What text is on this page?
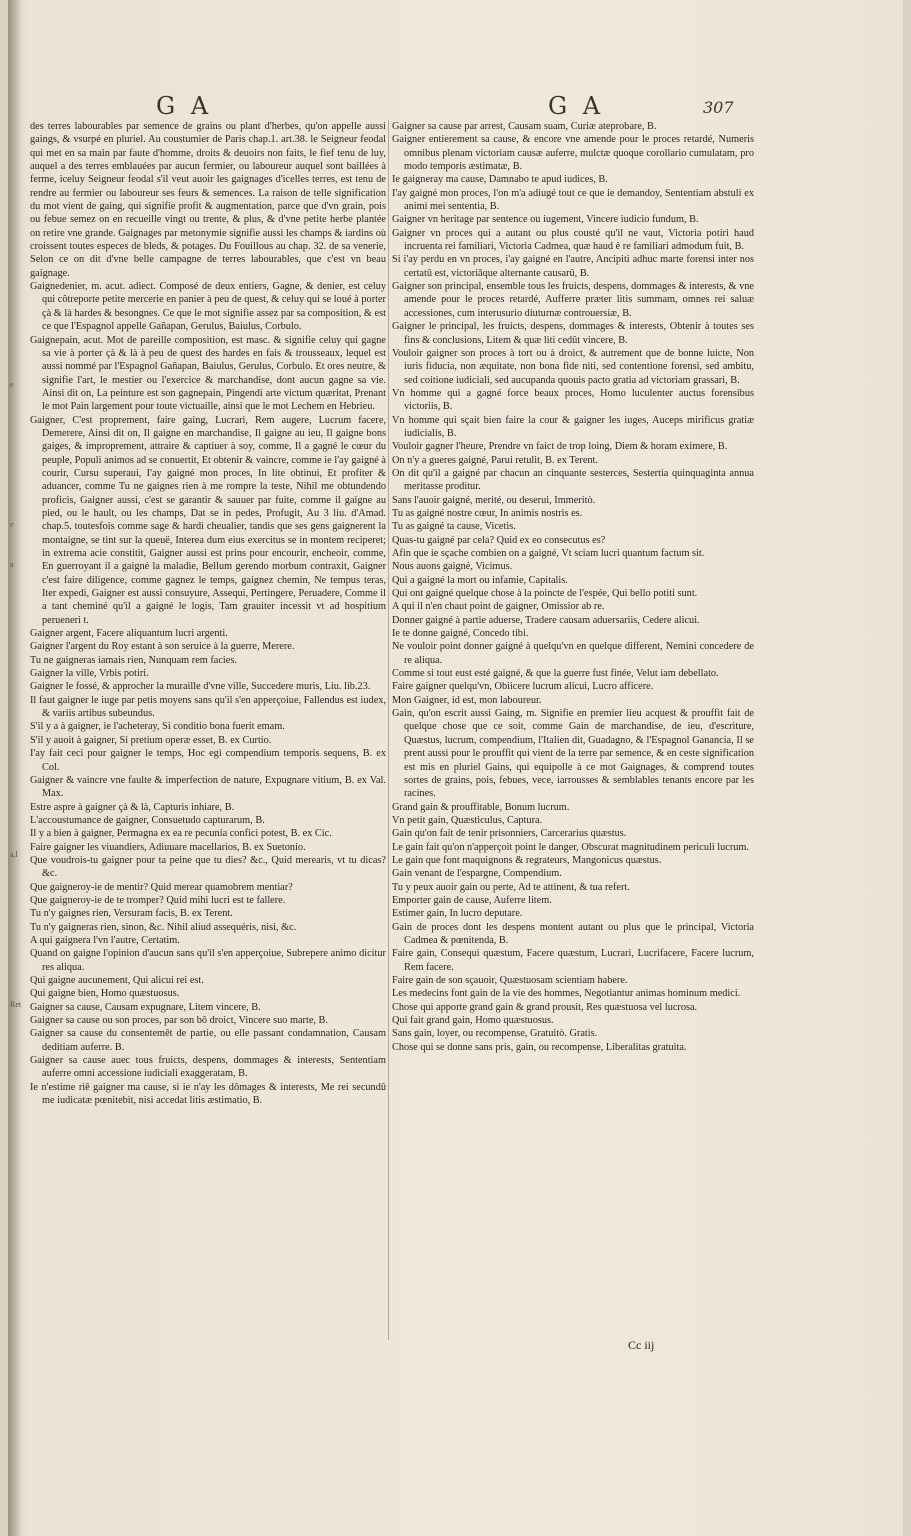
e
e
a
a,l
Ret
G A	G A	307

des terres labourables par semence de grains ou plant d'herbes, qu'on appelle aussi gaings, & vsurpé en pluriel. Au coustumier de Paris chap.1. art.38. le Seigneur feodal qui met en sa main par faute d'homme, droits & deuoirs non faits, le fief tenu de luy, auquel a des terres emblauées par aucun fermier, ou laboureur auquel sont baillées à ferme, iceluy Seigneur feodal s'il veut auoir les gaignages d'icelles terres, est tenu de rendre au fermier ou laboureur ses feurs & semences. La raison de telle signification du mot vient de gaing, qui signifie profit & augmentation, parce que d'vn grain, pois ou febue semez on en recueille vingt ou trente, & plus, & d'vne petite herbe plantée on retire vne grande. Gaignages par metonymie signifie aussi les champs & iardins où croissent toutes especes de bleds, & potages. Du Fouillous au chap. 32. de sa venerie, Selon ce on dit d'vne belle campagne de terres labourables, que c'est vn beau gaignage.

Gaignedenier, m. acut. adiect. Composé de deux entiers, Gagne, & denier, est celuy qui côtreporte petite mercerie en panier à peu de quest, & celuy qui se loué à porter çà & là hardes & besongnes. Ce que le mot signifie assez par sa composition, & est ce que l'Espagnol appelle Gañapan, Gerulus, Baiulus, Corbulo.

Gaignepain, acut. Mot de pareille composition, est masc. & signifie celuy qui gagne sa vie à porter çà & là à peu de quest des hardes en fais & trousseaux, lequel est aussi nommé par l'Espagnol Gañapan, Baiulus, Gerulus, Corbulo. Et ores neutre, & signifie l'art, le mestier ou l'exercice & marchandise, dont aucun gagne sa vie. Ainsi dit on, La peinture est son gagnepain, Pingendi arte victum quæritat, Prenant le mot Pain largement pour toute victuaille, ainsi que le mot Lechem en Hebrieu.

Gaigner, C'est proprement, faire gaing, Lucrari, Rem augere, Lucrum facere, Demerere, Ainsi dit on, Il gaigne en marchandise, Il gaigne au ieu, Il gaigne bons gaiges, & improprement, attraire & captiuer à soy, comme, Il a gagné le cœur du peuple, Populi animos ad se conuertit, Et obtenir & vaincre, comme ie l'ay gaigné à courir, Cursu superaui, I'ay gaigné mon proces, In lite obtinui, Et profiter & aduancer, comme Tu ne gaignes rien à me rompre la teste, Nihil me obtundendo proficis, Gaigner aussi, c'est se garantir & sauuer par fuite, comme il gaigne au pied, ou le hault, ou les champs, Dat se in pedes, Profugit, Au 3 liu. d'Amad. chap.5. toutesfois comme sage & hardi cheualier, tandis que ses gens gaignerent la montaigne, se tint sur la queuë, Interea dum eius exercitus se in montem reciperet; in extrema acie constitit, Gaigner aussi est prins pour encourir, encheoir, comme, En guerroyant il a gaigné la maladie, Bellum gerendo morbum contraxit, Gaigner c'est faire diligence, comme gagnez le temps, gaignez chemin, Ne tempus teras, Iter expedi, Gaigner est aussi consuyure, Assequi, Pertingere, Peruadere, Comme il a tant cheminé qu'il a gaigné le logis, Tam grauiter incessit vt ad hospitium perueneri t.

Gaigner argent, Facere aliquantum lucri argenti.

Gaigner l'argent du Roy estant à son seruice à la guerre, Merere.

Tu ne gaigneras iamais rien, Nunquam rem facies.

Gaigner la ville, Vrbis potiri.

Gaigner le fossé, & approcher la muraille d'vne ville, Succedere muris, Liu. lib.23.

Il faut gaigner le iuge par petis moyens sans qu'il s'en apperçoiue, Fallendus est iudex, & variis artibus subeundus.

S'il y a à gaigner, ie l'acheteray, Si conditio bona fuerit emam.

S'il y auoit à gaigner, Si pretium operæ esset, B. ex Curtio.

I'ay fait ceci pour gaigner le temps, Hoc egi compendium temporis sequens, B. ex Col.

Gaigner & vaincre vne faulte & imperfection de nature, Expugnare vitium, B. ex Val. Max.

Estre aspre à gaigner çà & là, Capturis inhiare, B.

L'accoustumance de gaigner, Consuetudo capturarum, B.

Il y a bien à gaigner, Permagna ex ea re pecunia confici potest, B. ex Cic.

Faire gaigner les viuandiers, Adiuuare macellarios, B. ex Suetonio.

Que voudrois-tu gaigner pour ta peine que tu dies? &c., Quid merearis, vt tu dicas? &c.

Que gaigneroy-ie de mentir? Quid merear quamobrem mentiar?

Que gaigneroy-ie de te tromper? Quid mihi lucri est te fallere.

Tu n'y gaignes rien, Versuram facis, B. ex Terent.

Tu n'y gaigneras rien, sinon, &c. Nihil aliud assequéris, nisi, &c.

A qui gaignera l'vn l'autre, Certatim.

Quand on gaigne l'opinion d'aucun sans qu'il s'en apperçoiue, Subrepere animo dicitur res aliqua.

Qui gaigne aucunement, Qui alicui rei est.

Qui gaigne bien, Homo quæstuosus.

Gaigner sa cause, Causam expugnare, Litem vincere, B.

Gaigner sa cause ou son proces, par son bô droict, Vincere suo marte, B.

Gaigner sa cause du consentemêt de partie, ou elle passant condamnation, Causam deditiam auferre. B.

Gaigner sa cause auec tous fruicts, despens, dommages & interests, Sententiam auferre omni accessione iudiciali exaggeratam, B.

Ie n'estime riê gaigner ma cause, si ie n'ay les dômages & interests, Me rei secundû me iudicatæ pœnitebit, nisi accedat litis æstimatio, B.

Gaigner sa cause par arrest, Causam suam, Curiæ ateprobare, B.

Gaigner entierement sa cause, & encore vne amende pour le proces retardé, Numeris omnibus plenam victoriam causæ auferre, mulctæ quoque corollario cumulatam, pro modo temporis æstimatæ, B.

Ie gaigneray ma cause, Damnabo te apud iudices, B.

I'ay gaigné mon proces, l'on m'a adiugé tout ce que ie demandoy, Sententiam abstuli ex animi mei sententia, B.

Gaigner vn heritage par sentence ou iugement, Vincere iudicio fundum, B.

Gaigner vn proces qui a autant ou plus cousté qu'il ne vaut, Victoria potiri haud incruenta rei familiari, Victoria Cadmea, quæ haud è re familiari admodum fuit, B.

Si i'ay perdu en vn proces, i'ay gaigné en l'autre, Ancipiti adhuc marte forensi inter nos certatû est, victoriâque alternante causarû, B.

Gaigner son principal, ensemble tous les fruicts, despens, dommages & interests, & vne amende pour le proces retardé, Aufferre præter litis summam, omnes rei saluæ accessiones, cum interusurio diuturnæ controuersiæ, B.

Gaigner le principal, les fruicts, despens, dommages & interests, Obtenir à toutes ses fins & conclusions, Litem & quæ liti cedût vincere, B.

Vouloir gaigner son proces à tort ou à droict, & autrement que de bonne luicte, Non iuris fiducia, non æquitate, non bona fide niti, sed contentione forensi, sed ambitu, sed coitione iudiciali, sed aucupanda quouis pacto gratia ad victoriam grassari, B.

Vn homme qui a gagné force beaux proces, Homo luculenter auctus forensibus victoriis, B.

Vn homme qui sçait bien faire la cour & gaigner les iuges, Auceps mirificus gratiæ iudicialis, B.

Vouloir gagner l'heure, Prendre vn faict de trop loing, Diem & horam eximere, B.

On n'y a gueres gaigné, Parui retulit, B. ex Terent.

On dit qu'il a gaigné par chacun an cinquante sesterces, Sestertia quinquaginta annua meritasse proditur.

Sans l'auoir gaigné, merité, ou deserui, Immeritò.

Tu as gaigné nostre cœur, In animis nostris es.

Tu as gaigné ta cause, Vicetis.

Quas-tu gaigné par cela? Quid ex eo consecutus es?

Afin que ie sçache combien on a gaigné, Vt sciam lucri quantum factum sit.

Nous auons gaigné, Vicimus.

Qui a gaigné la mort ou infamie, Capitalis.

Qui ont gaigné quelque chose à la poincte de l'espée, Qui bello potiti sunt.

A qui il n'en chaut point de gaigner, Omissior ab re.

Donner gaigné à partie aduerse, Tradere causam aduersariis, Cedere alicui.

Ie te donne gaigné, Concedo tibi.

Ne vouloir point donner gaigné à quelqu'vn en quelque different, Nemini concedere de re aliqua.

Comme si tout eust esté gaigné, & que la guerre fust finée, Velut iam debellato.

Faire gaigner quelqu'vn, Obiicere lucrum alicui, Lucro afficere.

Mon Gaigner, id est, mon laboureur.

Gain, qu'on escrit aussi Gaing, m. Signifie en premier lieu acquest & prouffit fait de quelque chose que ce soit, comme Gain de marchandise, de ieu, d'escriture, Quæstus, lucrum, compendium, l'Italien dit, Guadagno, & l'Espagnol Ganancia, Il se prent aussi pour le prouffit qui vient de la terre par semence, & en ceste signification est mis en pluriel Gains, qui equipolle à ce mot Gaignages, & comprend toutes sortes de grains, pois, febues, vece, iarrousses & semblables tenants encore par les racines.

Grand gain & prouffitable, Bonum lucrum.

Vn petit gain, Quæsticulus, Captura.

Gain qu'on fait de tenir prisonniers, Carcerarius quæstus.

Le gain fait qu'on n'apperçoit point le danger, Obscurat magnitudinem periculi lucrum.

Le gain que font maquignons & regrateurs, Mangonicus quæstus.

Gain venant de l'espargne, Compendium.

Tu y peux auoir gain ou perte, Ad te attinent, & tua refert.

Emporter gain de cause, Auferre litem.

Estimer gain, In lucro deputare.

Gain de proces dont les despens montent autant ou plus que le principal, Victoria Cadmea & pœnitenda, B.

Faire gain, Consequi quæstum, Facere quæstum, Lucrari, Lucrifacere, Facere lucrum, Rem facere.

Faire gain de son sçauoir, Quæstuosam scientiam habere.

Les medecins font gain de la vie des hommes, Negotiantur animas hominum medici.

Chose qui apporte grand gain & grand prousit, Res quæstuosa vel lucrosa.

Qui fait grand gain, Homo quæstuosus.

Sans gain, loyer, ou recompense, Gratuitò. Gratis.

Chose qui se donne sans pris, gain, ou recompense, Liberalitas gratuita.

Cc iij
